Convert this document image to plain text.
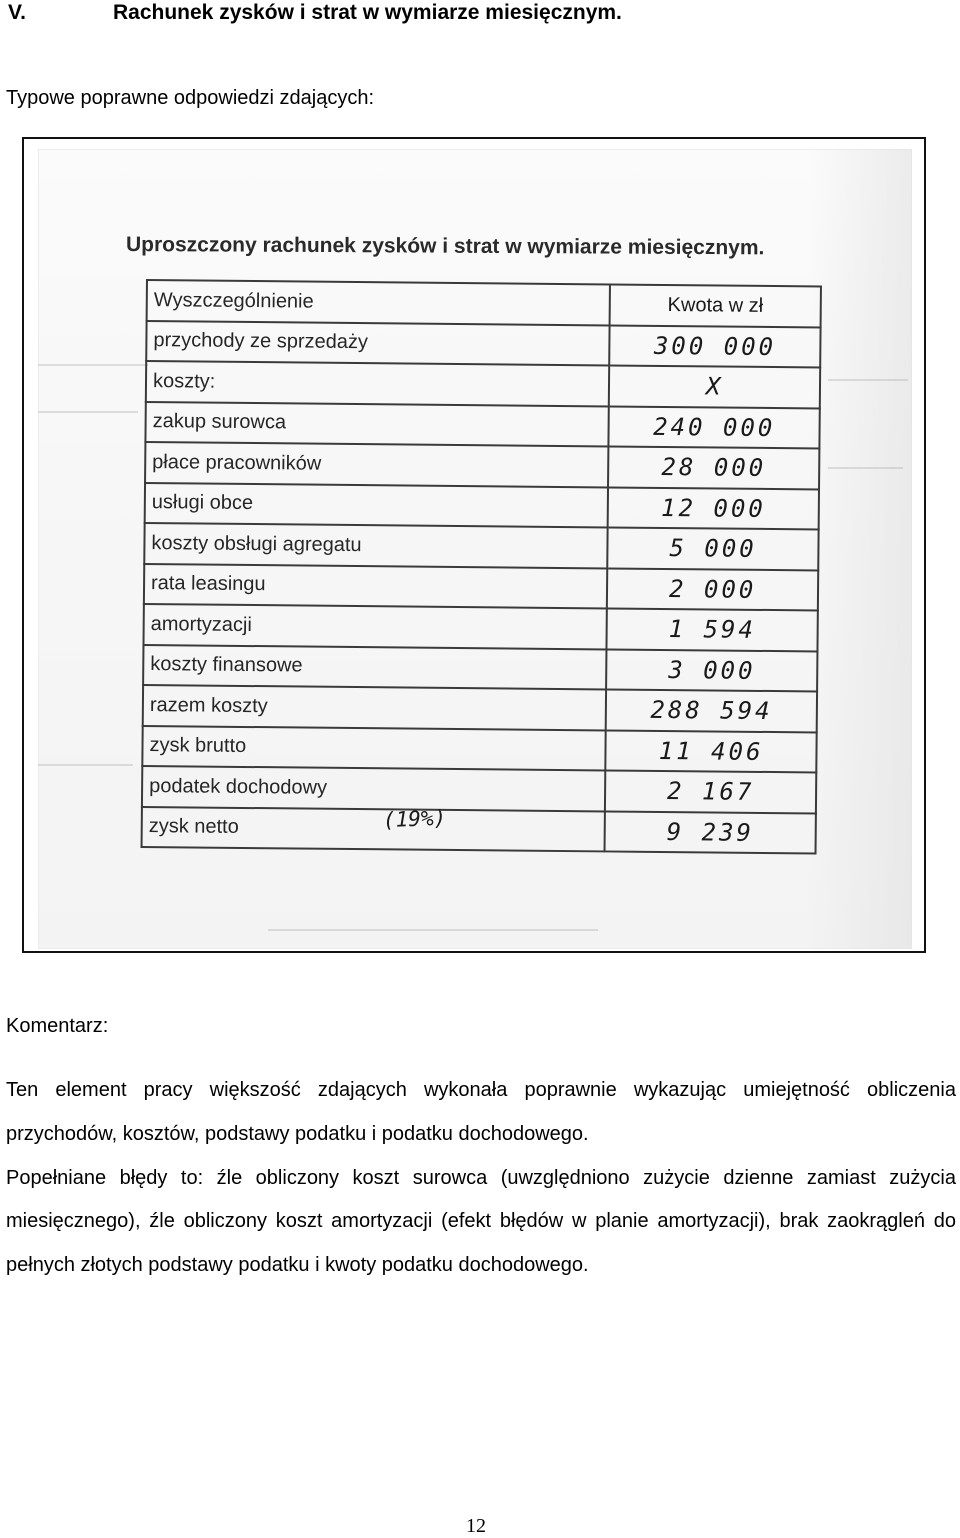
V.	Rachunek zysków i strat w wymiarze miesięcznym.
Typowe poprawne odpowiedzi zdających:
Uproszczony rachunek zysków i strat w wymiarze miesięcznym.
Wyszczególnienie	Kwota w zł
przychody ze sprzedaży	300 000
koszty:	X
zakup surowca	240 000
płace pracowników	28 000
usługi obce	12 000
koszty obsługi agregatu	5 000
rata leasingu	2 000
amortyzacji	1 594
koszty finansowe	3 000
razem koszty	288 594
zysk brutto	11 406
podatek dochodowy	2 167
zysk netto	9 239
(19%)
Komentarz:

Ten element pracy większość zdających wykonała poprawnie wykazując umiejętność obliczenia przychodów, kosztów, podstawy podatku i podatku dochodowego.

Popełniane błędy to: źle obliczony koszt surowca (uwzględniono zużycie dzienne zamiast zużycia miesięcznego), źle obliczony koszt amortyzacji (efekt błędów w planie amortyzacji), brak zaokrągleń do pełnych złotych podstawy podatku i kwoty podatku dochodowego.

12
